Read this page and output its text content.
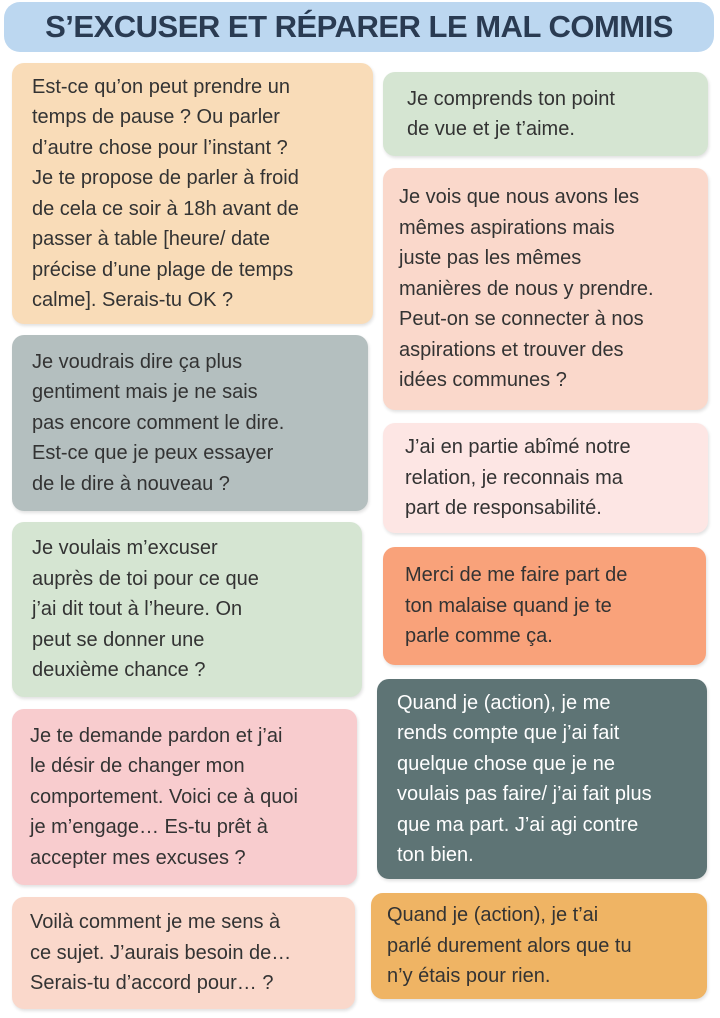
S’EXCUSER ET RÉPARER LE MAL COMMIS
Est-ce qu’on peut prendre un
temps de pause ? Ou parler
d’autre chose pour l’instant ?
Je te propose de parler à froid
de cela ce soir à 18h avant de
passer à table [heure/ date
précise d’une plage de temps
calme]. Serais-tu OK ?
Je voudrais dire ça plus
gentiment mais je ne sais
pas encore comment le dire.
Est-ce que je peux essayer
de le dire à nouveau ?
Je voulais m’excuser
auprès de toi pour ce que
j’ai dit tout à l’heure. On
peut se donner une
deuxième chance ?
Je te demande pardon et j’ai
le désir de changer mon
comportement. Voici ce à quoi
je m’engage… Es-tu prêt à
accepter mes excuses ?
Voilà comment je me sens à
ce sujet. J’aurais besoin de…
Serais-tu d’accord pour… ?
Je comprends ton point
de vue et je t’aime.
Je vois que nous avons les
mêmes aspirations mais
juste pas les mêmes
manières de nous y prendre.
Peut-on se connecter à nos
aspirations et trouver des
idées communes ?
J’ai en partie abîmé notre
relation, je reconnais ma
part de responsabilité.
Merci de me faire part de
ton malaise quand je te
parle comme ça.
Quand je (action), je me
rends compte que j’ai fait
quelque chose que je ne
voulais pas faire/ j’ai fait plus
que ma part. J’ai agi contre
ton bien.
Quand je (action), je t’ai
parlé durement alors que tu
n’y étais pour rien.
